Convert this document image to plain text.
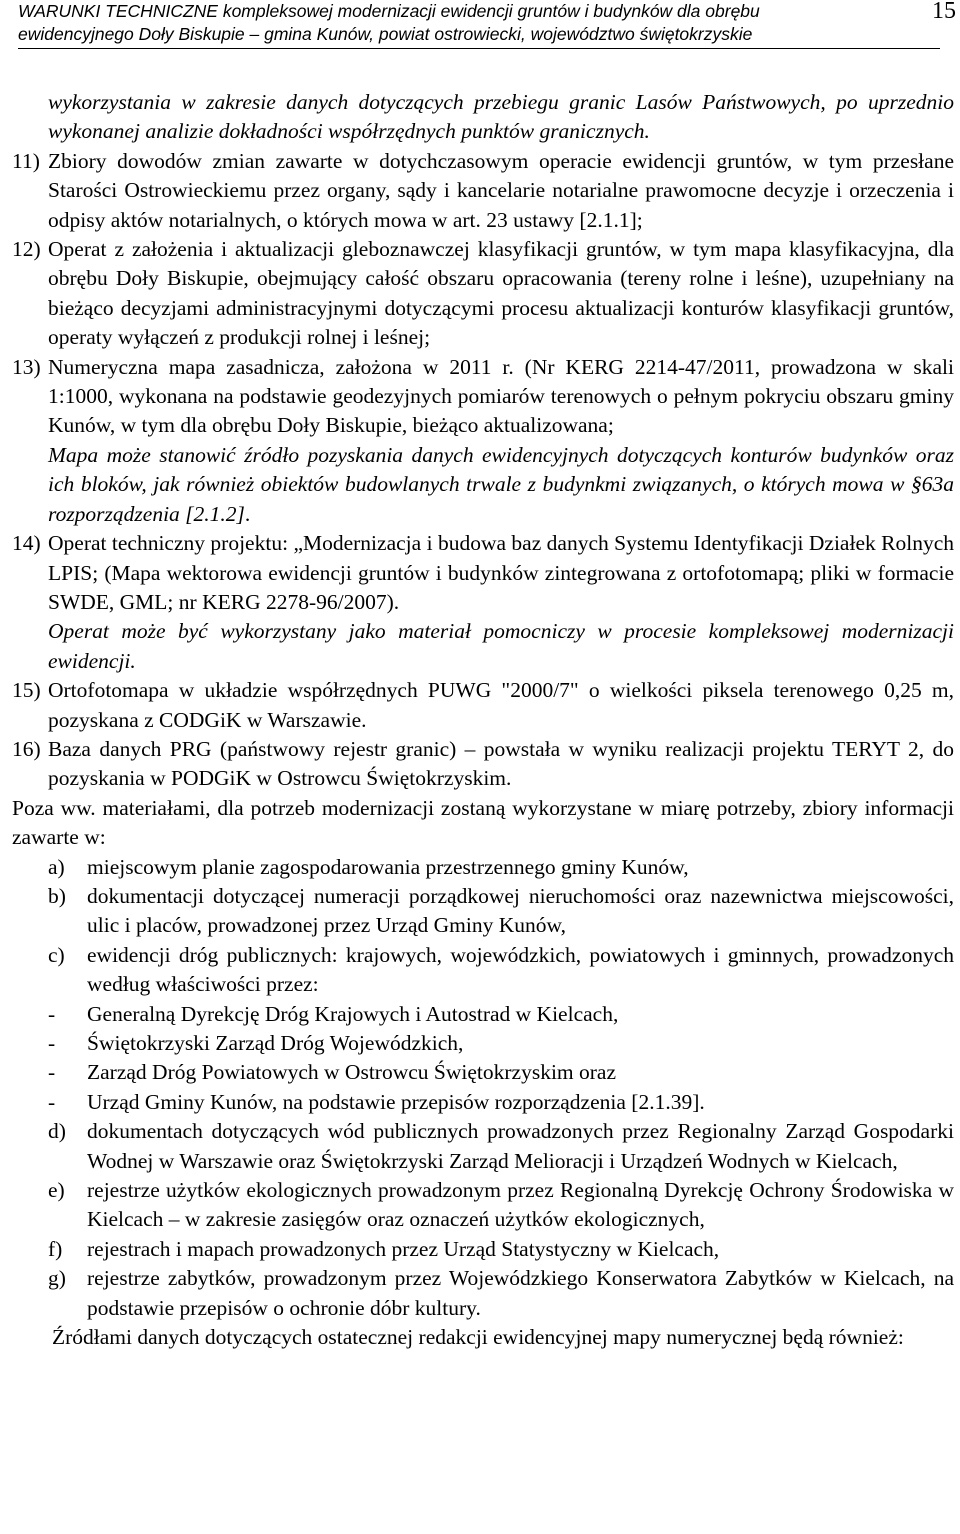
WARUNKI TECHNICZNE kompleksowej modernizacji ewidencji gruntów i budynków dla obrębu
ewidencyjnego Doły Biskupie – gmina Kunów, powiat ostrowiecki, województwo świętokrzyskie
15
wykorzystania w zakresie danych dotyczących przebiegu granic Lasów Państwowych, po uprzednio wykonanej analizie dokładności współrzędnych punktów granicznych.
11) Zbiory dowodów zmian zawarte w dotychczasowym operacie ewidencji gruntów, w tym przesłane Starości Ostrowieckiemu przez organy, sądy i kancelarie notarialne prawomocne decyzje i orzeczenia i odpisy aktów notarialnych, o których mowa w art. 23 ustawy [2.1.1];
12) Operat z założenia i aktualizacji gleboznawczej klasyfikacji gruntów, w tym mapa klasyfikacyjna, dla obrębu Doły Biskupie, obejmujący całość obszaru opracowania (tereny rolne i leśne), uzupełniany na bieżąco decyzjami administracyjnymi dotyczącymi procesu aktualizacji konturów klasyfikacji gruntów, operaty wyłączeń z produkcji rolnej i leśnej;
13) Numeryczna mapa zasadnicza, założona w 2011 r. (Nr KERG 2214-47/2011, prowadzona w skali 1:1000, wykonana na podstawie geodezyjnych pomiarów terenowych o pełnym pokryciu obszaru gminy Kunów, w tym dla obrębu Doły Biskupie, bieżąco aktualizowana;
Mapa może stanowić źródło pozyskania danych ewidencyjnych dotyczących konturów budynków oraz ich bloków, jak również obiektów budowlanych trwale z budynkmi związanych, o których mowa w §63a rozporządzenia [2.1.2].
14) Operat techniczny projektu: „Modernizacja i budowa baz danych Systemu Identyfikacji Działek Rolnych LPIS; (Mapa wektorowa ewidencji gruntów i budynków zintegrowana z ortofotomapą; pliki w formacie SWDE, GML; nr KERG 2278-96/2007).
Operat może być wykorzystany jako materiał pomocniczy w procesie kompleksowej modernizacji ewidencji.
15) Ortofotomapa w układzie współrzędnych PUWG "2000/7" o wielkości piksela terenowego 0,25 m, pozyskana z CODGiK w Warszawie.
16) Baza danych PRG (państwowy rejestr granic) – powstała w wyniku realizacji projektu TERYT 2, do pozyskania w PODGiK w Ostrowcu Świętokrzyskim.
Poza ww. materiałami, dla potrzeb modernizacji zostaną wykorzystane w miarę potrzeby, zbiory informacji zawarte w:
a) miejscowym planie zagospodarowania przestrzennego gminy Kunów,
b) dokumentacji dotyczącej numeracji porządkowej nieruchomości oraz nazewnictwa miejscowości, ulic i placów, prowadzonej przez Urząd Gminy Kunów,
c) ewidencji dróg publicznych: krajowych, wojewódzkich, powiatowych i gminnych, prowadzonych według właściwości przez:
- Generalną Dyrekcję Dróg Krajowych i Autostrad w Kielcach,
- Świętokrzyski Zarząd Dróg Wojewódzkich,
- Zarząd Dróg Powiatowych w Ostrowcu Świętokrzyskim oraz
- Urząd Gminy Kunów, na podstawie przepisów rozporządzenia [2.1.39].
d) dokumentach dotyczących wód publicznych prowadzonych przez Regionalny Zarząd Gospodarki Wodnej w Warszawie oraz Świętokrzyski Zarząd Melioracji i Urządzeń Wodnych w Kielcach,
e) rejestrze użytków ekologicznych prowadzonym przez Regionalną Dyrekcję Ochrony Środowiska w Kielcach – w zakresie zasięgów oraz oznaczeń użytków ekologicznych,
f) rejestrach i mapach prowadzonych przez Urząd Statystyczny w Kielcach,
g) rejestrze zabytków, prowadzonym przez Wojewódzkiego Konserwatora Zabytków w Kielcach, na podstawie przepisów o ochronie dóbr kultury.
Źródłami danych dotyczących ostatecznej redakcji ewidencyjnej mapy numerycznej będą również:
